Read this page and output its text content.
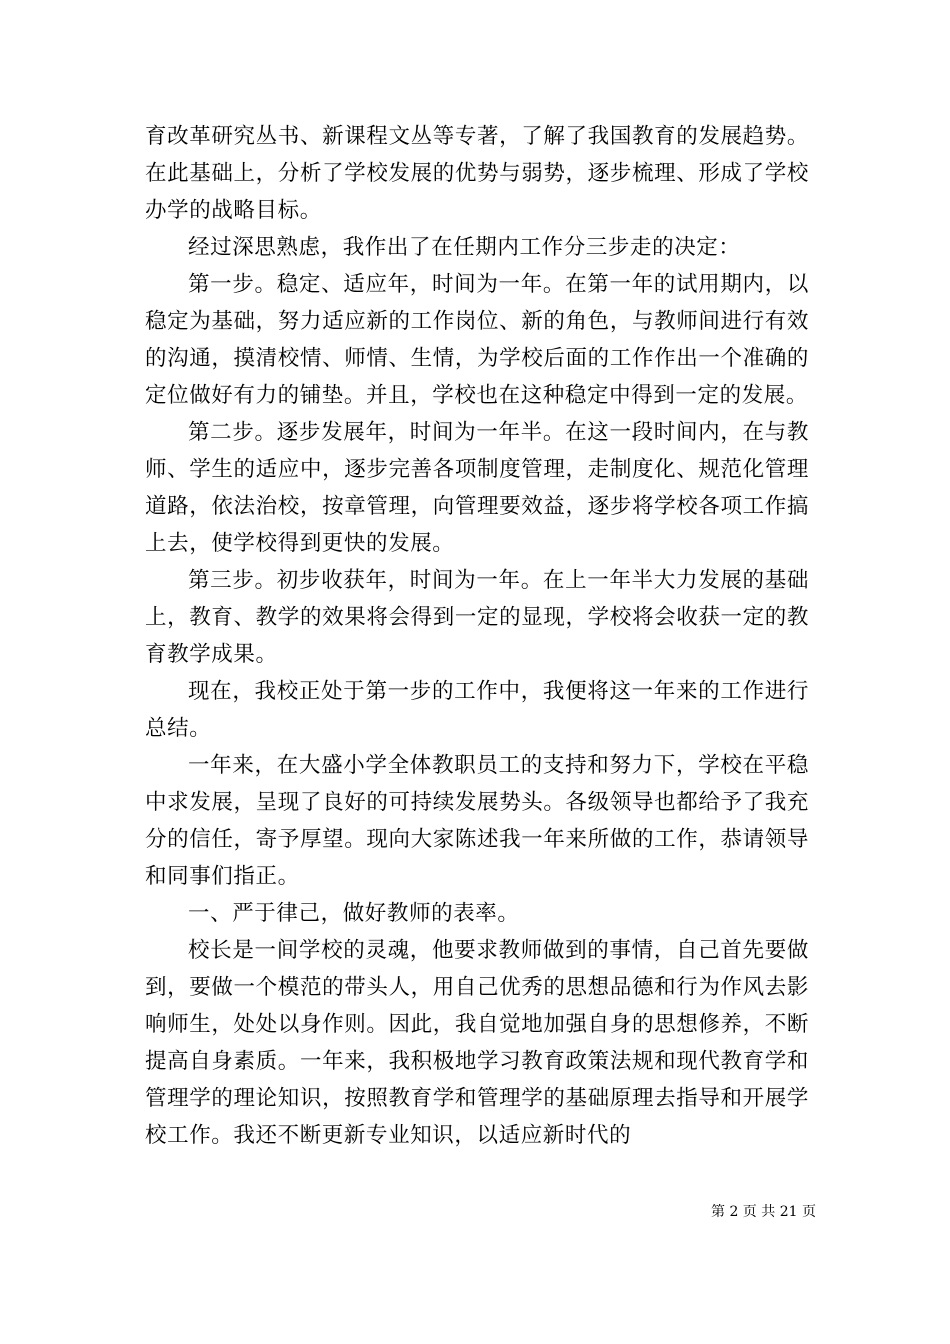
育改革研究丛书、新课程文丛等专著，了解了我国教育的发展趋势。在此基础上，分析了学校发展的优势与弱势，逐步梳理、形成了学校办学的战略目标。

经过深思熟虑，我作出了在任期内工作分三步走的决定：

第一步。稳定、适应年，时间为一年。在第一年的试用期内，以稳定为基础，努力适应新的工作岗位、新的角色，与教师间进行有效的沟通，摸清校情、师情、生情，为学校后面的工作作出一个准确的定位做好有力的铺垫。并且，学校也在这种稳定中得到一定的发展。

第二步。逐步发展年，时间为一年半。在这一段时间内，在与教师、学生的适应中，逐步完善各项制度管理，走制度化、规范化管理道路，依法治校，按章管理，向管理要效益，逐步将学校各项工作搞上去，使学校得到更快的发展。

第三步。初步收获年，时间为一年。在上一年半大力发展的基础上，教育、教学的效果将会得到一定的显现，学校将会收获一定的教育教学成果。

现在，我校正处于第一步的工作中，我便将这一年来的工作进行总结。

一年来，在大盛小学全体教职员工的支持和努力下，学校在平稳中求发展，呈现了良好的可持续发展势头。各级领导也都给予了我充分的信任，寄予厚望。现向大家陈述我一年来所做的工作，恭请领导和同事们指正。

一、严于律己，做好教师的表率。

校长是一间学校的灵魂，他要求教师做到的事情，自己首先要做到，要做一个模范的带头人，用自己优秀的思想品德和行为作风去影响师生，处处以身作则。因此，我自觉地加强自身的思想修养，不断提高自身素质。一年来，我积极地学习教育政策法规和现代教育学和管理学的理论知识，按照教育学和管理学的基础原理去指导和开展学校工作。我还不断更新专业知识，以适应新时代的

第 2 页 共 21 页
